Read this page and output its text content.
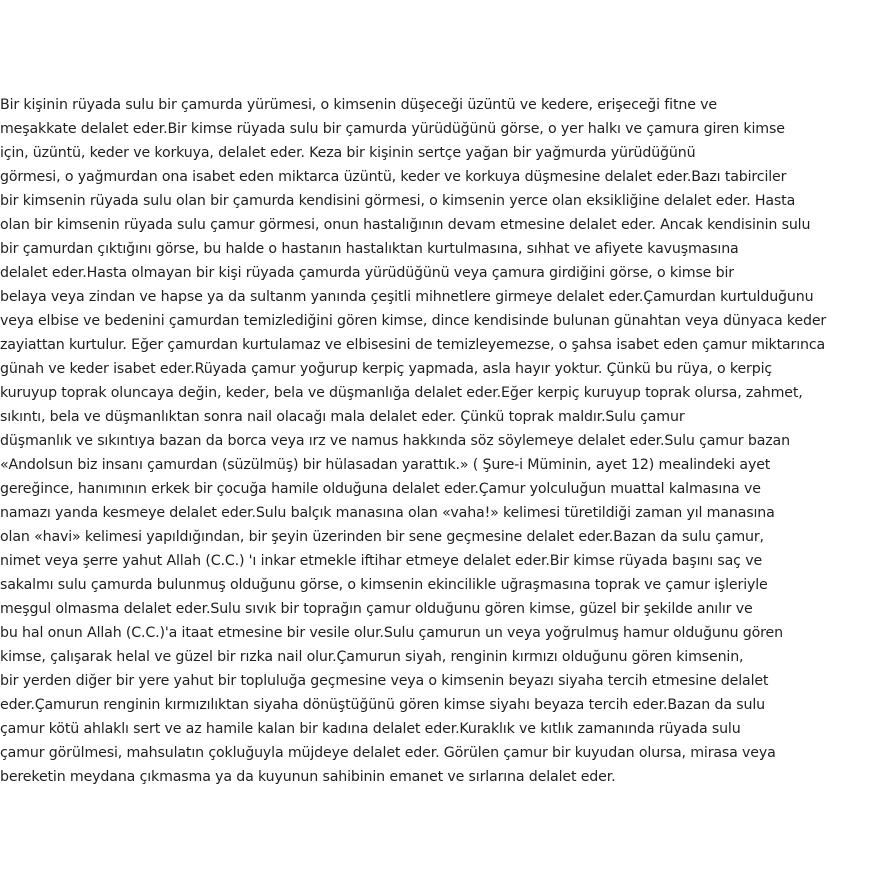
Bir kişinin rüyada sulu bir çamurda yürümesi, o kimsenin düşeceği üzüntü ve kedere, erişeceği fitne ve
meşakkate delalet eder.Bir kimse rüyada sulu bir çamurda yürüdüğünü görse, o yer halkı ve çamura giren kimse
için, üzüntü, keder ve korkuya, delalet eder. Keza bir kişinin sertçe yağan bir yağmurda yürüdüğünü
görmesi, o yağmurdan ona isabet eden miktarca üzüntü, keder ve korkuya düşmesine delalet eder.Bazı tabirciler
bir kimsenin rüyada sulu olan bir çamurda kendisini görmesi, o kimsenin yerce olan eksikliğine delalet eder. Hasta
olan bir kimsenin rüyada sulu çamur görmesi, onun hastalığının devam etmesine delalet eder. Ancak kendisinin sulu
bir çamurdan çıktığını görse, bu halde o hastanın hastalıktan kurtulmasına, sıhhat ve afiyete kavuşmasına
delalet eder.Hasta olmayan bir kişi rüyada çamurda yürüdüğünü veya çamura girdiğini görse, o kimse bir
belaya veya zindan ve hapse ya da sultanm yanında çeşitli mihnetlere girmeye delalet eder.Çamurdan kurtulduğunu
veya elbise ve bedenini çamurdan temizlediğini gören kimse, dince kendisinde bulunan günahtan veya dünyaca keder
zayiattan kurtulur. Eğer çamurdan kurtulamaz ve elbisesini de temizleyemezse, o şahsa isabet eden çamur miktarınca
günah ve keder isabet eder.Rüyada çamur yoğurup kerpiç yapmada, asla hayır yoktur. Çünkü bu rüya, o kerpiç
kuruyup toprak oluncaya değin, keder, bela ve düşmanlığa delalet eder.Eğer kerpiç kuruyup toprak olursa, zahmet,
sıkıntı, bela ve düşmanlıktan sonra nail olacağı mala delalet eder. Çünkü toprak maldır.Sulu çamur
düşmanlık ve sıkıntıya bazan da borca veya ırz ve namus hakkında söz söylemeye delalet eder.Sulu çamur bazan
«Andolsun biz insanı çamurdan (süzülmüş) bir hülasadan yarattık.» ( Şure-i Müminin, ayet 12) mealindeki ayet
gereğince, hanımının erkek bir çocuğa hamile olduğuna delalet eder.Çamur yolculuğun muattal kalmasına ve
namazı yanda kesmeye delalet eder.Sulu balçık manasına olan «vaha!» kelimesi türetildiği zaman yıl manasına
olan «havi» kelimesi yapıldığından, bir şeyin üzerinden bir sene geçmesine delalet eder.Bazan da sulu çamur,
nimet veya şerre yahut Allah (C.C.) 'ı inkar etmekle iftihar etmeye delalet eder.Bir kimse rüyada başını saç ve
sakalmı sulu çamurda bulunmuş olduğunu görse, o kimsenin ekincilikle uğraşmasına toprak ve çamur işleriyle
meşgul olmasma delalet eder.Sulu sıvık bir toprağın çamur olduğunu gören kimse, güzel bir şekilde anılır ve
bu hal onun Allah (C.C.)'a itaat etmesine bir vesile olur.Sulu çamurun un veya yoğrulmuş hamur olduğunu gören
kimse, çalışarak helal ve güzel bir rızka nail olur.Çamurun siyah, renginin kırmızı olduğunu gören kimsenin,
bir yerden diğer bir yere yahut bir topluluğa geçmesine veya o kimsenin beyazı siyaha tercih etmesine delalet
eder.Çamurun renginin kırmızılıktan siyaha dönüştüğünü gören kimse siyahı beyaza tercih eder.Bazan da sulu
çamur kötü ahlaklı sert ve az hamile kalan bir kadına delalet eder.Kuraklık ve kıtlık zamanında rüyada sulu
çamur görülmesi, mahsulatın çokluğuyla müjdeye delalet eder. Görülen çamur bir kuyudan olursa, mirasa veya
bereketin meydana çıkmasma ya da kuyunun sahibinin emanet ve sırlarına delalet eder.
